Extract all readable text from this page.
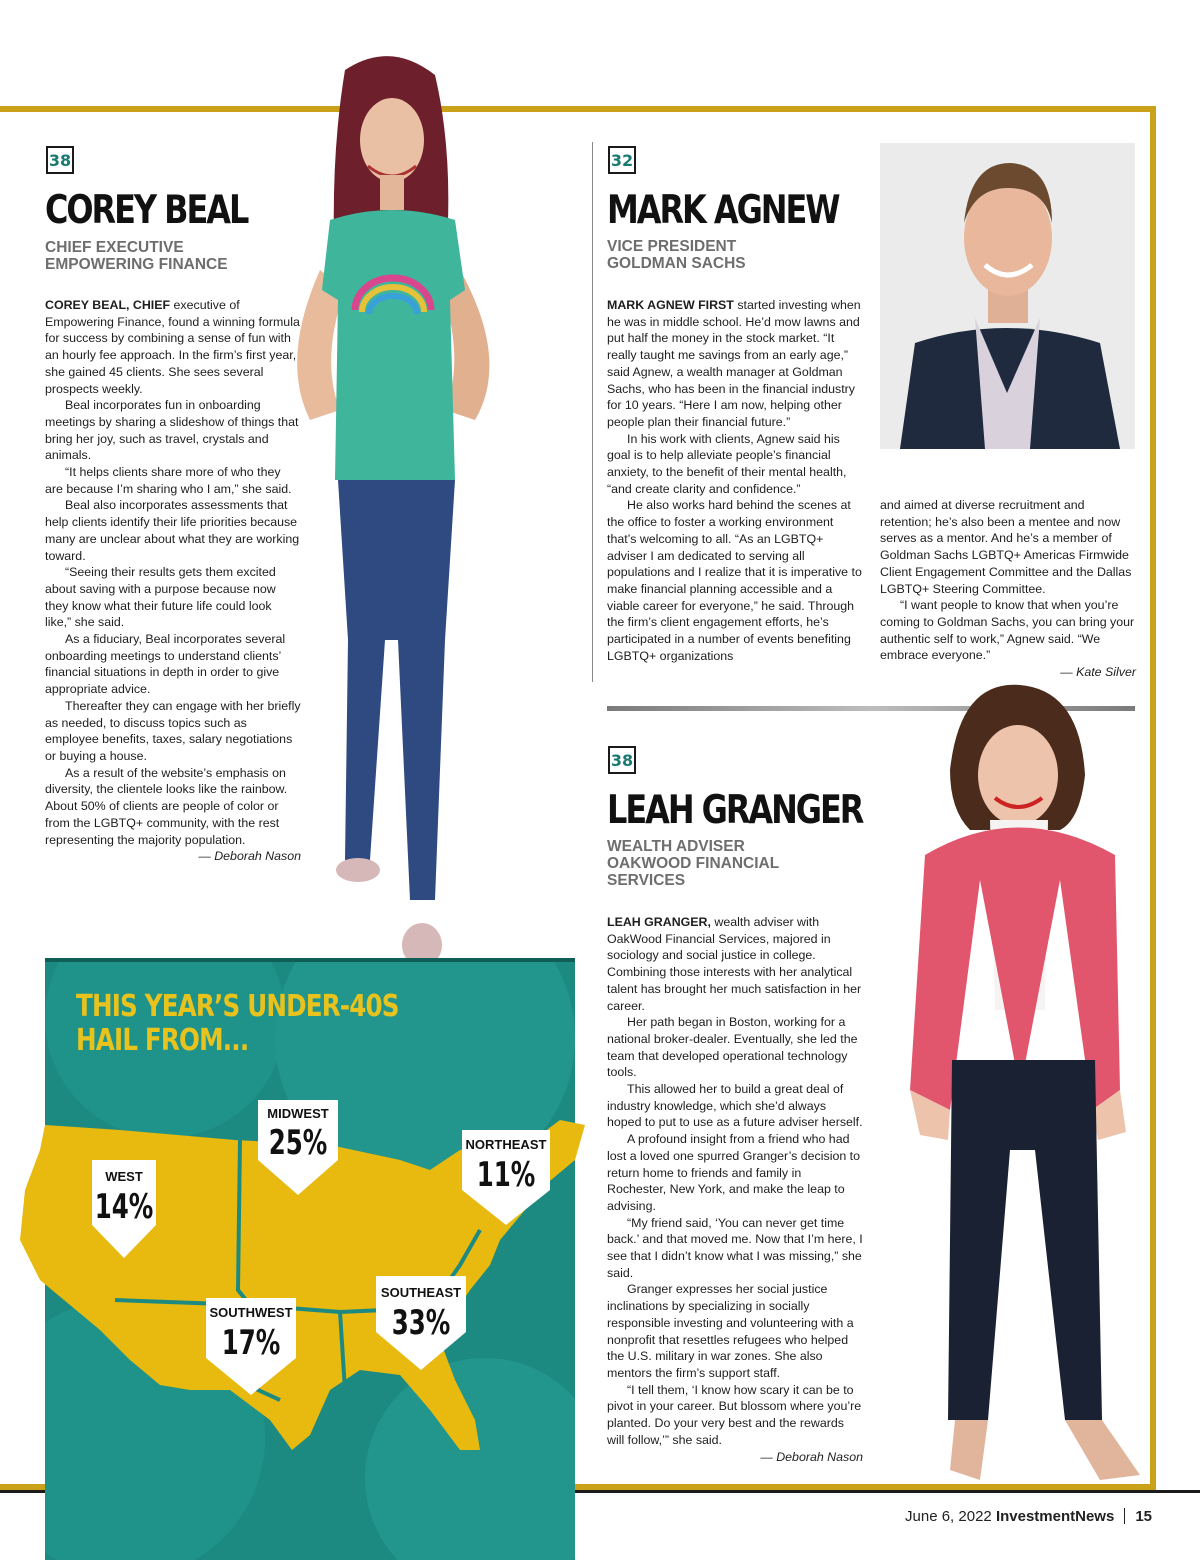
38
COREY BEAL
CHIEF EXECUTIVE
EMPOWERING FINANCE

COREY BEAL, CHIEF executive of Empowering Finance, found a winning formula for success by combining a sense of fun with an hourly fee approach. In the firm’s first year, she gained 45 clients. She sees several prospects weekly.

Beal incorporates fun in onboarding meetings by sharing a slideshow of things that bring her joy, such as travel, crystals and animals.

“It helps clients share more of who they are because I’m sharing who I am,” she said.

Beal also incorporates assessments that help clients identify their life priorities because many are unclear about what they are working toward.

“Seeing their results gets them excited about saving with a purpose because now they know what their future life could look like,” she said.

As a fiduciary, Beal incorporates several onboarding meetings to understand clients’ financial situations in depth in order to give appropriate advice.

Thereafter they can engage with her briefly as needed, to discuss topics such as employee benefits, taxes, salary negotiations or buying a house.

As a result of the website’s emphasis on diversity, the clientele looks like the rainbow. About 50% of clients are people of color or from the LGBTQ+ community, with the rest representing the majority population.

— Deborah Nason

32
MARK AGNEW
VICE PRESIDENT
GOLDMAN SACHS

MARK AGNEW FIRST started investing when he was in middle school. He’d mow lawns and put half the money in the stock market. “It really taught me savings from an early age,” said Agnew, a wealth manager at Goldman Sachs, who has been in the financial industry for 10 years. “Here I am now, helping other people plan their financial future.”

In his work with clients, Agnew said his goal is to help alleviate people’s financial anxiety, to the benefit of their mental health, “and create clarity and confidence.”

He also works hard behind the scenes at the office to foster a working environment that’s welcoming to all. “As an LGBTQ+ adviser I am dedicated to serving all populations and I realize that it is imperative to make financial planning accessible and a viable career for everyone,” he said. Through the firm’s client engagement efforts, he’s participated in a number of events benefiting LGBTQ+ organizations

and aimed at diverse recruitment and retention; he’s also been a mentee and now serves as a mentor. And he’s a member of Goldman Sachs LGBTQ+ Americas Firmwide Client Engagement Committee and the Dallas LGBTQ+ Steering Committee.

“I want people to know that when you’re coming to Goldman Sachs, you can bring your authentic self to work,” Agnew said. “We embrace everyone.”

— Kate Silver

38
LEAH GRANGER
WEALTH ADVISER
OAKWOOD FINANCIAL
SERVICES

LEAH GRANGER, wealth adviser with OakWood Financial Services, majored in sociology and social justice in college. Combining those interests with her analytical talent has brought her much satisfaction in her career.

Her path began in Boston, working for a national broker-dealer. Eventually, she led the team that developed operational technology tools.

This allowed her to build a great deal of industry knowledge, which she’d always hoped to put to use as a future adviser herself.

A profound insight from a friend who had lost a loved one spurred Granger’s decision to return home to friends and family in Rochester, New York, and make the leap to advising.

“My friend said, ‘You can never get time back.’ and that moved me. Now that I’m here, I see that I didn’t know what I was missing,” she said.

Granger expresses her social justice inclinations by specializing in socially responsible investing and volunteering with a nonprofit that resettles refugees who helped the U.S. military in war zones. She also mentors the firm’s support staff.

“I tell them, ‘I know how scary it can be to pivot in your career. But blossom where you’re planted. Do your very best and the rewards will follow,’” she said.

— Deborah Nason

THIS YEAR’S UNDER-40S
HAIL FROM...
WEST
14%
MIDWEST
25%	NORTHEAST
11%
SOUTHWEST
17%
SOUTHEAST
33%
June 6, 2022 InvestmentNews 15
